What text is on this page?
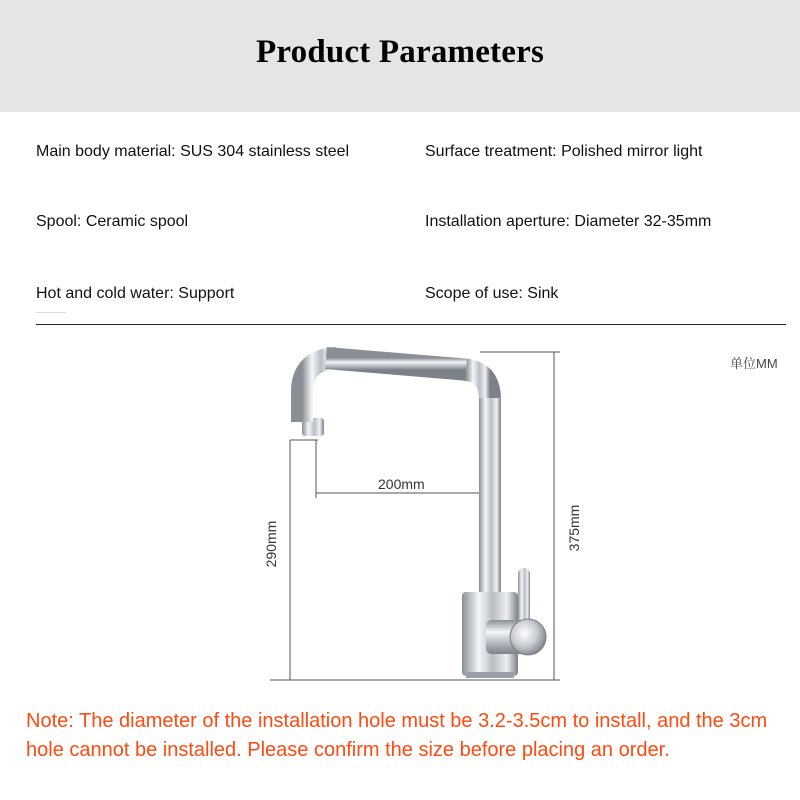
Product Parameters
Main body material: SUS 304 stainless steel	Surface treatment: Polished mirror light
Spool: Ceramic spool	Installation aperture: Diameter 32-35mm
Hot and cold water: Support	Scope of use: Sink
单位MM
200mm
375mm
290mm
Note: The diameter of the installation hole must be 3.2-3.5cm to install, and the 3cm hole cannot be installed. Please confirm the size before placing an order.
